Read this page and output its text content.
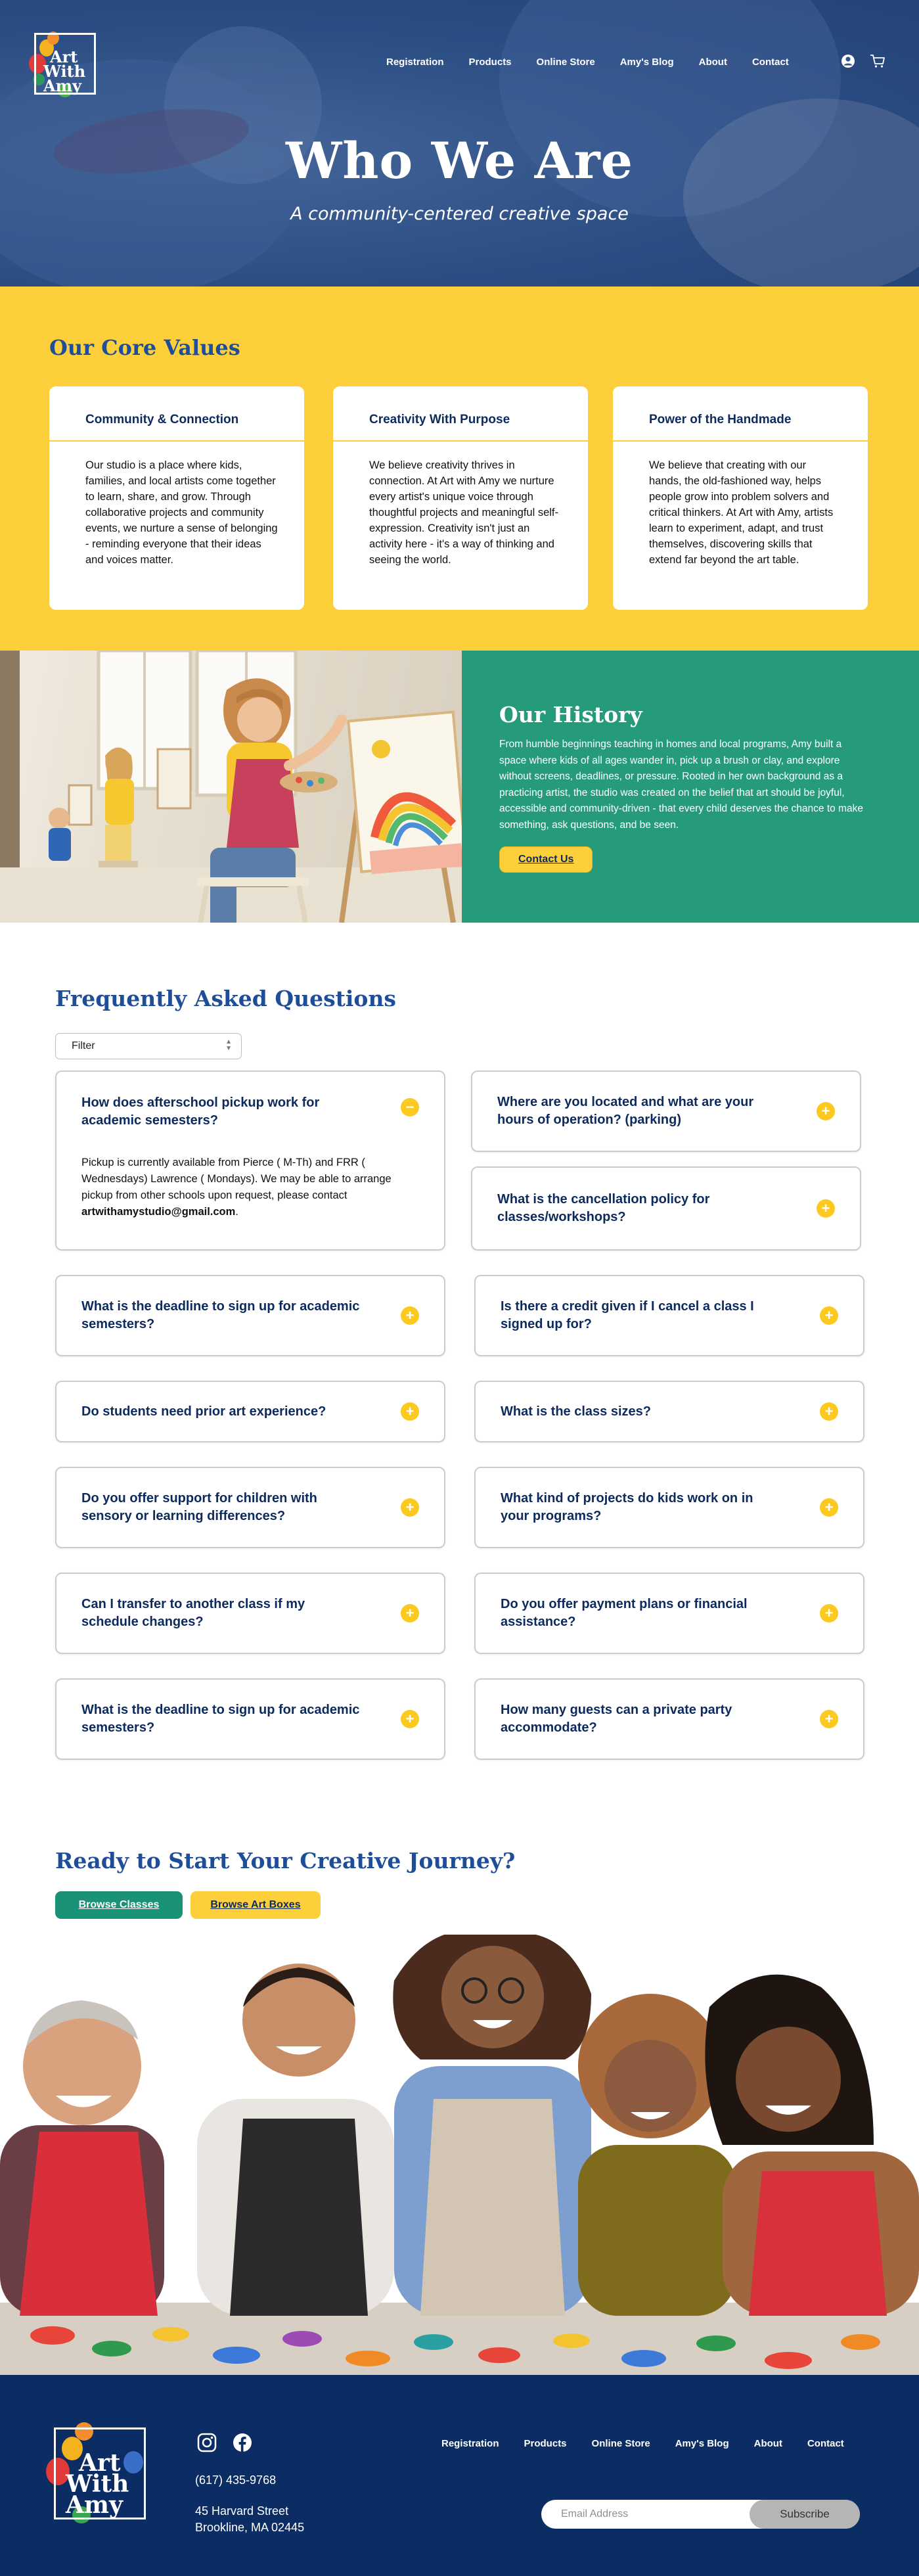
Art
With
Amy
Registration	Products	Online Store	Amy's Blog	About	Contact
Who We Are
A community-centered creative space
Our Core Values
Community & Connection
Our studio is a place where kids, families, and local artists come together to learn, share, and grow. Through collaborative projects and community events, we nurture a sense of belonging - reminding everyone that their ideas and voices matter.
Creativity With Purpose
We believe creativity thrives in connection. At Art with Amy we nurture every artist's unique voice through thoughtful projects and meaningful self-expression. Creativity isn't just an activity here - it's a way of thinking and seeing the world.
Power of the Handmade
We believe that creating with our hands, the old-fashioned way, helps people grow into problem solvers and critical thinkers. At Art with Amy, artists learn to experiment, adapt, and trust themselves, discovering skills that extend far beyond the art table.
Our History

From humble beginnings teaching in homes and local programs, Amy built a space where kids of all ages wander in, pick up a brush or clay, and explore without screens, deadlines, or pressure. Rooted in her own background as a practicing artist, the studio was created on the belief that art should be joyful, accessible and community-driven - that every child deserves the chance to make something, ask questions, and be seen.

Contact Us
Frequently Asked Questions
Filter	▲
▼
How does afterschool pickup work for academic semesters?
−
Pickup is currently available from Pierce ( M-Th) and FRR ( Wednesdays) Lawrence ( Mondays). We may be able to arrange pickup from other schools upon request, please contact artwithamystudio@gmail.com.
Where are you located and what are your hours of operation? (parking)
+
What is the cancellation policy for classes/workshops?
+
What is the deadline to sign up for academic semesters?
+
Do students need prior art experience?	+
Do you offer support for children with sensory or learning differences?
+
Can I transfer to another class if my schedule changes?
+
What is the deadline to sign up for academic semesters?
+
Is there a credit given if I cancel a class I signed up for?
+
What is the class sizes?	+
What kind of projects do kids work on in your programs?
+
Do you offer payment plans or financial assistance?
+
How many guests can a private party accommodate?
+
Ready to Start Your Creative Journey?
Browse Classes	Browse Art Boxes
Art
With
Amy
(617) 435-9768
45 Harvard Street
Brookline, MA 02445
Registration	Products	Online Store	Amy's Blog	About	Contact
Email Address
Subscribe
